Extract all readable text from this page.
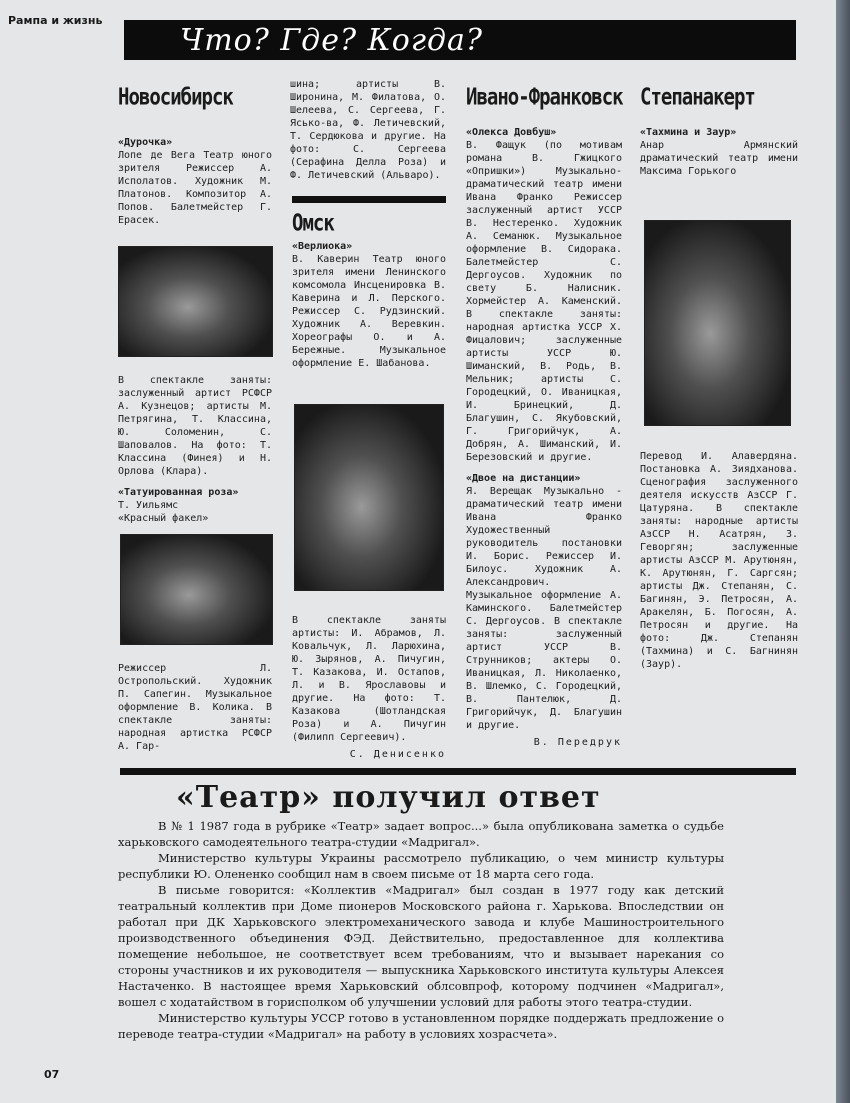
Рампа и жизнь
Что? Где? Когда?
Новосибирск

«Дурочка»

Лопе де Вега Театр юного зрителя Режиссер А. Исполатов. Художник М. Платонов. Композитор А. Попов. Балетмейстер Г. Ерасек.

В спектакле заняты: заслуженный артист РСФСР А. Кузнецов; артисты М. Петрягина, Т. Классина, Ю. Соломенин, С. Шаповалов. На фото: Т. Классина (Финея) и Н. Орлова (Клара).

«Татуированная роза»

Т. Уильямс

«Красный факел»

Режиссер Л. Остропольский. Художник П. Сапегин. Музыкальное оформление В. Колика. В спектакле заняты: народная артистка РСФСР А. Гар-

шина; артисты В. Широнина, М. Филатова, О. Шелеева, С. Сергеева, Г. Ясько-ва, Ф. Летичевский, Т. Сердюкова и другие. На фото: С. Сергеева (Серафина Делла Роза) и Ф. Летичевский (Альваро).

Омск

«Верлиока»

В. Каверин Театр юного зрителя имени Ленинского комсомола Инсценировка В. Каверина и Л. Перского. Режиссер С. Рудзинский. Художник А. Веревкин. Хореографы О. и А. Бережные. Музыкальное оформление Е. Шабанова.

В спектакле заняты артисты: И. Абрамов, Л. Ковальчук, Л. Ларюхина, Ю. Зырянов, А. Пичугин, Т. Казакова, И. Остапов, Л. и В. Ярославовы и другие. На фото: Т. Казакова (Шотландская Роза) и А. Пичугин (Филипп Сергеевич).

С. Денисенко

Ивано-Франковск

«Олекса Довбуш»

В. Фащук (по мотивам романа В. Гжицкого «Опришки») Музыкально- драматический театр имени Ивана Франко Режиссер заслуженный артист УССР В. Нестеренко. Художник А. Семанюк. Музыкальное оформление В. Сидорака. Балетмейстер С. Дергоусов. Художник по свету Б. Налисник. Хормейстер А. Каменский. В спектакле заняты: народная артистка УССР Х. Фицалович; заслуженные артисты УССР Ю. Шиманский, В. Родь, В. Мельник; артисты С. Городецкий, О. Иваницкая, И. Бринецкий, Д. Благушин, С. Якубовский, Г. Григорийчук, А. Добрян, А. Шиманский, И. Березовский и другие.

«Двое на дистанции»

Я. Верещак Музыкально - драматический театр имени Ивана Франко Художественный руководитель постановки И. Борис. Режиссер И. Билоус. Художник А. Александрович. Музыкальное оформление А. Каминского. Балетмейстер С. Дергоусов. В спектакле заняты: заслуженный артист УССР В. Струнников; актеры О. Иваницкая, Л. Николаенко, В. Шлемко, С. Городецкий, В. Пантелюк, Д. Григорийчук, Д. Благушин и другие.

В. Передрук

Степанакерт

«Тахмина и Заур»

Анар Армянский драматический театр имени Максима Горького

Перевод И. Алавердяна. Постановка А. Зиядханова. Сценография заслуженного деятеля искусств АзССР Г. Цатуряна. В спектакле заняты: народные артисты АзССР Н. Асатрян, З. Геворгян; заслуженные артисты АзССР М. Арутюнян, К. Арутюнян, Г. Саргсян; артисты Дж. Степанян, С. Багинян, Э. Петросян, А. Аракелян, Б. Погосян, А. Петросян и другие. На фото: Дж. Степанян (Тахмина) и С. Багнинян (Заур).

«Театр» получил ответ

В № 1 1987 года в рубрике «Театр» задает вопрос...» была опубликована заметка о судьбе харьковского самодеятельного театра-студии «Мадригал».

Министерство культуры Украины рассмотрело публикацию, о чем министр культуры республики Ю. Олененко сообщил нам в своем письме от 18 марта сего года.

В письме говорится: «Коллектив «Мадригал» был создан в 1977 году как детский театральный коллектив при Доме пионеров Московского района г. Харькова. Впоследствии он работал при ДК Харьковского электромеханического завода и клубе Машиностроительного производственного объединения ФЭД. Действительно, предоставленное для коллектива помещение небольшое, не соответствует всем требованиям, что и вызывает нарекания со стороны участников и их руководителя — выпускника Харьковского института культуры Алексея Настаченко. В настоящее время Харьковский облсовпроф, которому подчинен «Мадригал», вошел с ходатайством в горисполком об улучшении условий для работы этого театра-студии.

Министерство культуры УССР готово в установленном порядке поддержать предложение о переводе театра-студии «Мадригал» на работу в условиях хозрасчета».

07
